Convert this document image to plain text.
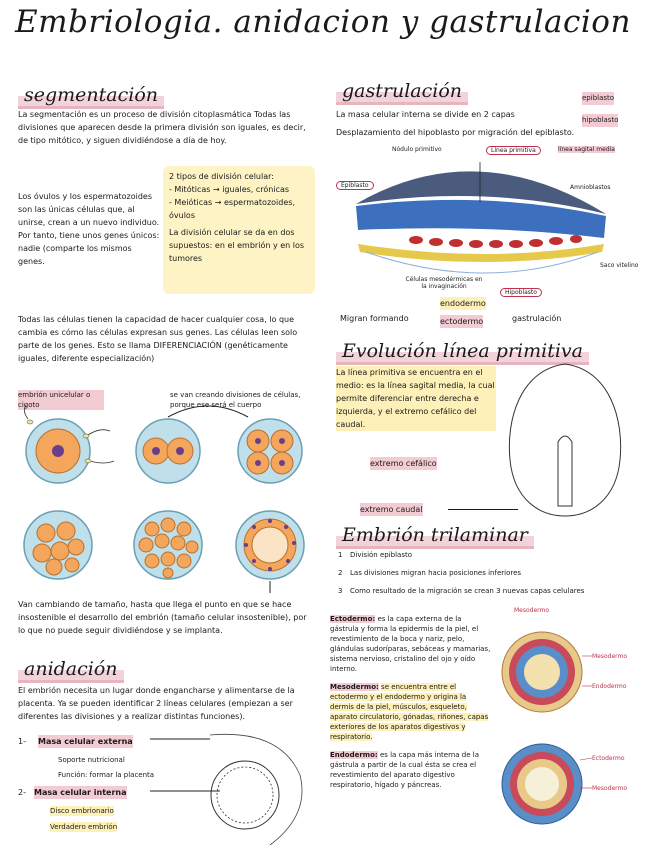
Embriologia. anidacion y gastrulacion
segmentación
La segmentación es un proceso de división citoplasmática Todas las divisiones que aparecen desde la primera división son iguales, es decir, de tipo mitótico, y siguen dividiéndose a día de hoy.
Los óvulos y los espermatozoides son las únicas células que, al unirse, crean a un nuevo individuo. Por tanto, tiene unos genes únicos: nadie (comparte los mismos genes.
2 tipos de división celular:
- Mitóticas → iguales, crónicas
- Meióticas → espermatozoides, óvulos
La división celular se da en dos supuestos: en el embrión y en los tumores
Todas las células tienen la capacidad de hacer cualquier cosa, lo que cambia es cómo las células expresan sus genes. Las células leen solo parte de los genes. Esto se llama DIFERENCIACIÓN (genéticamente iguales, diferente especialización)
embrión unicelular o cigoto
se van creando divisiones de células, porque ese será el cuerpo
Van cambiando de tamaño, hasta que llega el punto en que se hace insostenible el desarrollo del embrión (tamaño celular insostenible), por lo que no puede seguir dividiéndose y se implanta.
anidación
El embrión necesita un lugar donde engancharse y alimentarse de la placenta. Ya se pueden identificar 2 líneas celulares (empiezan a ser diferentes las divisiones y a realizar distintas funciones).
1- Masa celular externa
Soporte nutricional
Función: formar la placenta
2- Masa celular interna
Disco embrionario
Verdadero embrión
gastrulación
La masa celular interna se divide en 2 capas
epiblasto
hipoblasto
Desplazamiento del hipoblasto por migración del epiblasto.
Nódulo primitivo	Línea primitiva	línea sagital media
Epiblasto	Amnioblastos
Células mesodérmicas en la invaginación
Hipoblasto
Saco vitelino
endodermo
ectodermo
Migran formando	gastrulación
Evolución línea primitiva
La línea primitiva se encuentra en el medio: es la línea sagital media, la cual permite diferenciar entre derecha e izquierda, y el extremo cefálico del caudal.
extremo cefálico
extremo caudal
Embrión trilaminar
1 División epiblasto
2 Las divisiones migran hacia posiciones inferiores
3 Como resultado de la migración se crean 3 nuevas capas celulares
Ectodermo: es la capa externa de la gástrula y forma la epidermis de la piel, el revestimiento de la boca y nariz, pelo, glándulas sudoríparas, sebáceas y mamarias, sistema nervioso, cristalino del ojo y oído interno.
Mesodermo: se encuentra entre el ectodermo y el endodermo y origina la dermis de la piel, músculos, esqueleto, aparato circulatorio, gónadas, riñones, capas exteriores de los aparatos digestivos y respiratorio.
Endodermo: es la capa más interna de la gástrula a partir de la cual ésta se crea el revestimiento del aparato digestivo respiratorio, hígado y páncreas.
Mesodermo
Mesodermo
Endodermo
Ectodermo
Mesodermo
